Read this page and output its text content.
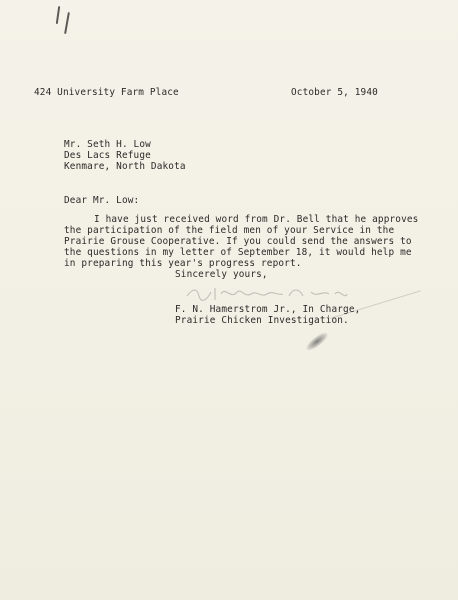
424 University Farm Place	October 5, 1940
Mr. Seth H. Low
Des Lacs Refuge
Kenmare, North Dakota
Dear Mr. Low:
I have just received word from Dr. Bell that he approves
the participation of the field men of your Service in the
Prairie Grouse Cooperative. If you could send the answers to
the questions in my letter of September 18, it would help me
in preparing this year's progress report.
Sincerely yours,
F. N. Hamerstrom Jr., In Charge,
Prairie Chicken Investigation.
